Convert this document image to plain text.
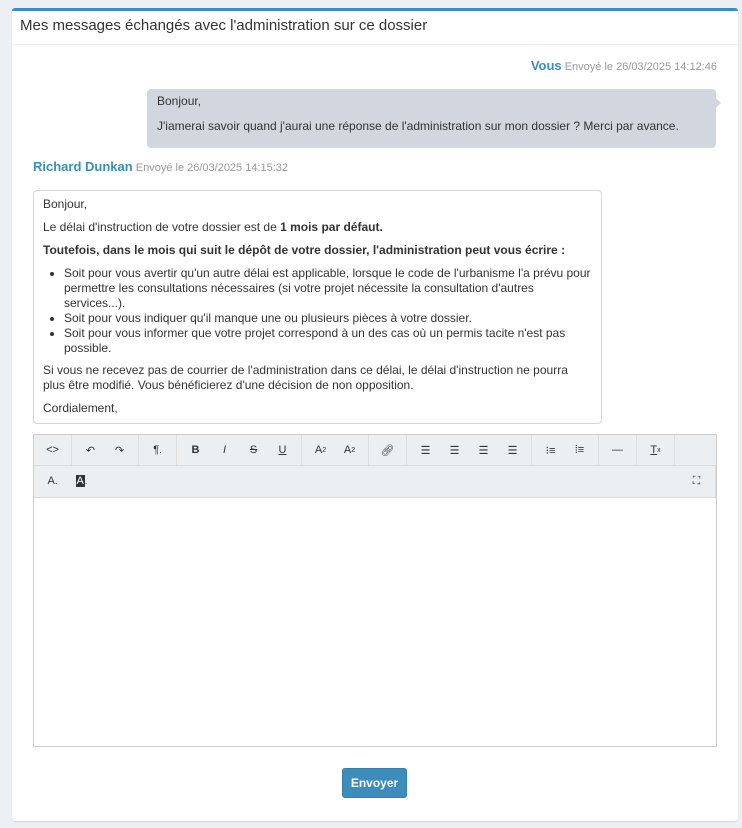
Mes messages échangés avec l'administration sur ce dossier
Vous Envoyé le 26/03/2025 14:12:46

Bonjour,

J'iamerai savoir quand j'aurai une réponse de l'administration sur mon dossier ? Merci par avance.

Richard Dunkan Envoyé le 26/03/2025 14:15:32

Bonjour,

Le délai d'instruction de votre dossier est de 1 mois par défaut.

Toutefois, dans le mois qui suit le dépôt de votre dossier, l'administration peut vous écrire :

• Soit pour vous avertir qu'un autre délai est applicable, lorsque le code de l'urbanisme l'a prévu pour permettre les consultations nécessaires (si votre projet nécessite la consultation d'autres services...).
• Soit pour vous indiquer qu'il manque une ou plusieurs pièces à votre dossier.
• Soit pour vous informer que votre projet correspond à un des cas où un permis tacite n'est pas possible.

Si vous ne recevez pas de courrier de l'administration dans ce délai, le délai d'instruction ne pourra plus être modifié. Vous bénéficierez d'une décision de non opposition.

Cordialement,

<>	↶	↷	¶ .	B I S U	A 2	A 2	🔗︎	☰	☰	☰	☰	⁝≡	⁞≡	—	T x
A . A .	⛶
Envoyer
